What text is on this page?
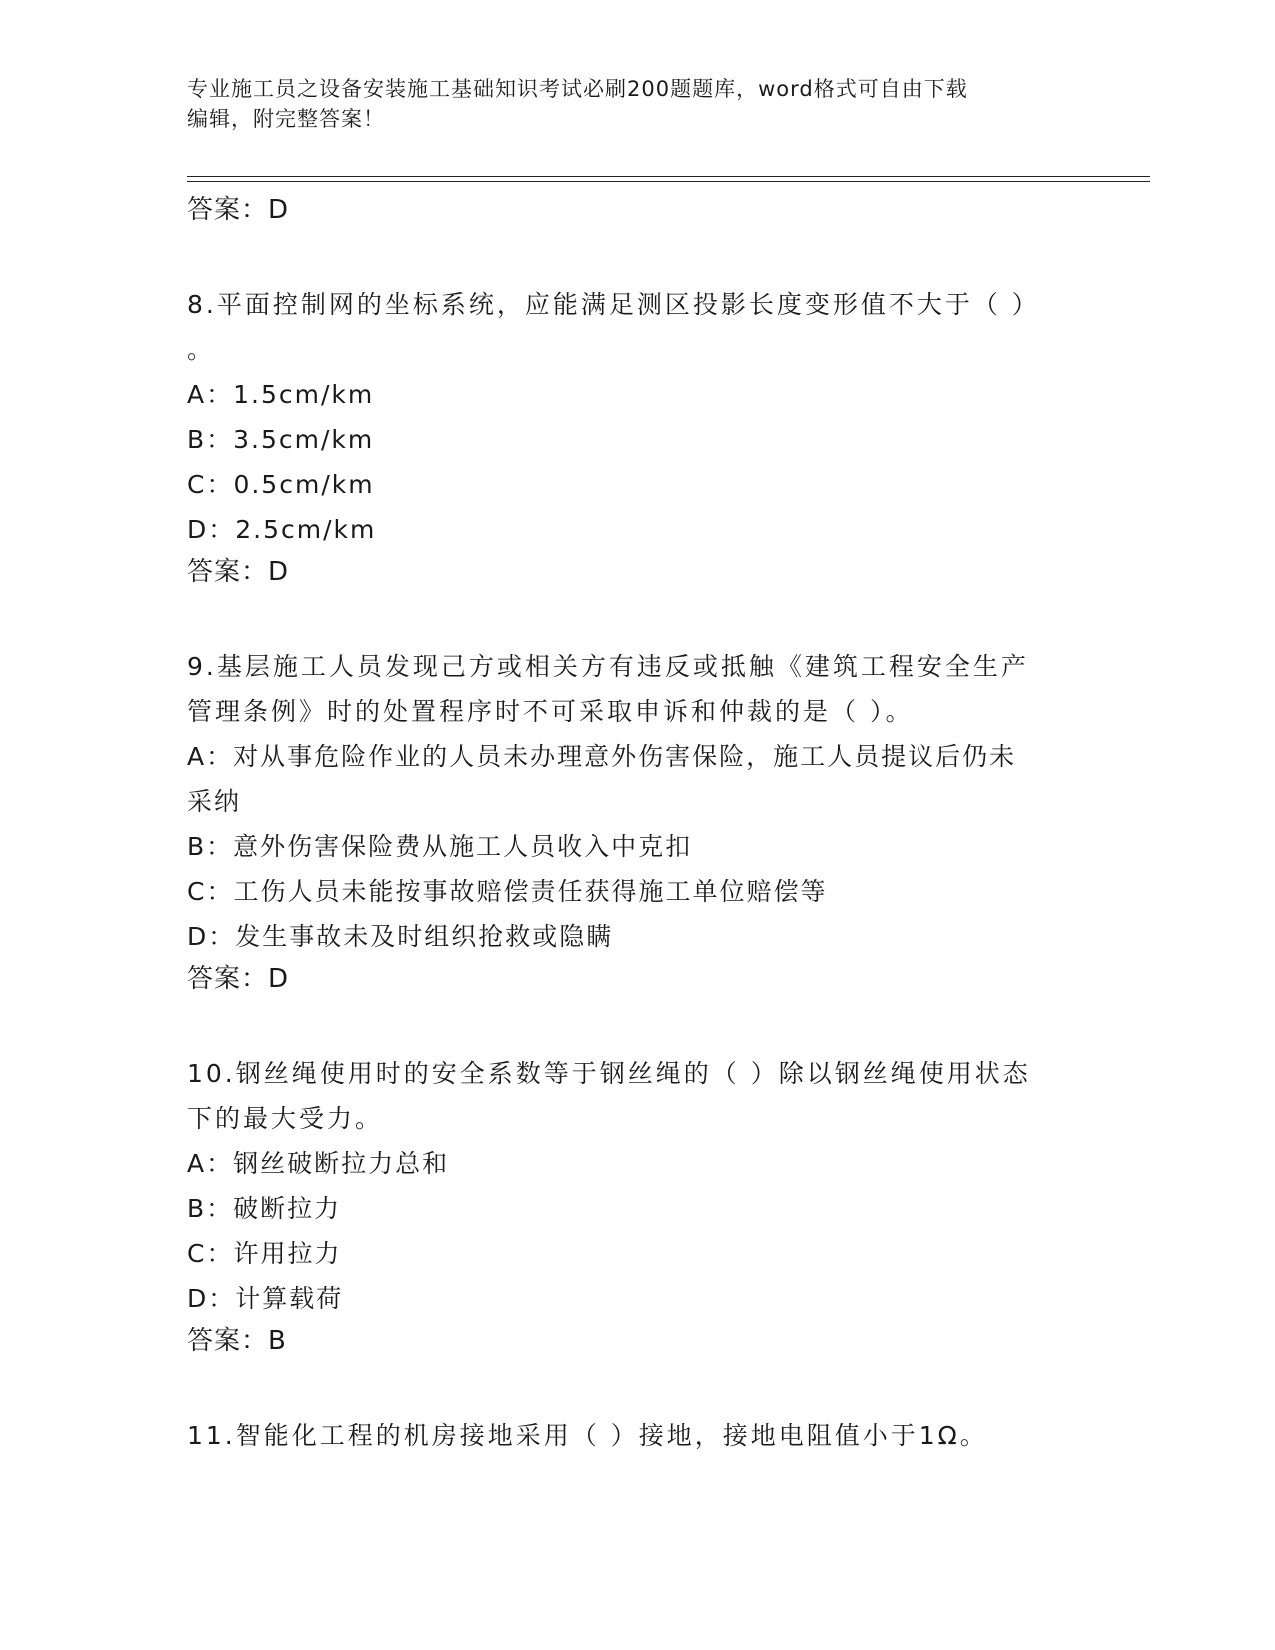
专业施工员之设备安装施工基础知识考试必刷200题题库，word格式可自由下载
编辑，附完整答案！
答案：D
8.平面控制网的坐标系统，应能满足测区投影长度变形值不大于（ ）
。
A：1.5cm/km
B：3.5cm/km
C：0.5cm/km
D：2.5cm/km
答案：D
9.基层施工人员发现己方或相关方有违反或抵触《建筑工程安全生产
管理条例》时的处置程序时不可采取申诉和仲裁的是（ ）。
A：对从事危险作业的人员未办理意外伤害保险，施工人员提议后仍未
采纳
B：意外伤害保险费从施工人员收入中克扣
C：工伤人员未能按事故赔偿责任获得施工单位赔偿等
D：发生事故未及时组织抢救或隐瞒
答案：D
10.钢丝绳使用时的安全系数等于钢丝绳的（ ）除以钢丝绳使用状态
下的最大受力。
A：钢丝破断拉力总和
B：破断拉力
C：许用拉力
D：计算载荷
答案：B
11.智能化工程的机房接地采用（ ）接地，接地电阻值小于1Ω。
